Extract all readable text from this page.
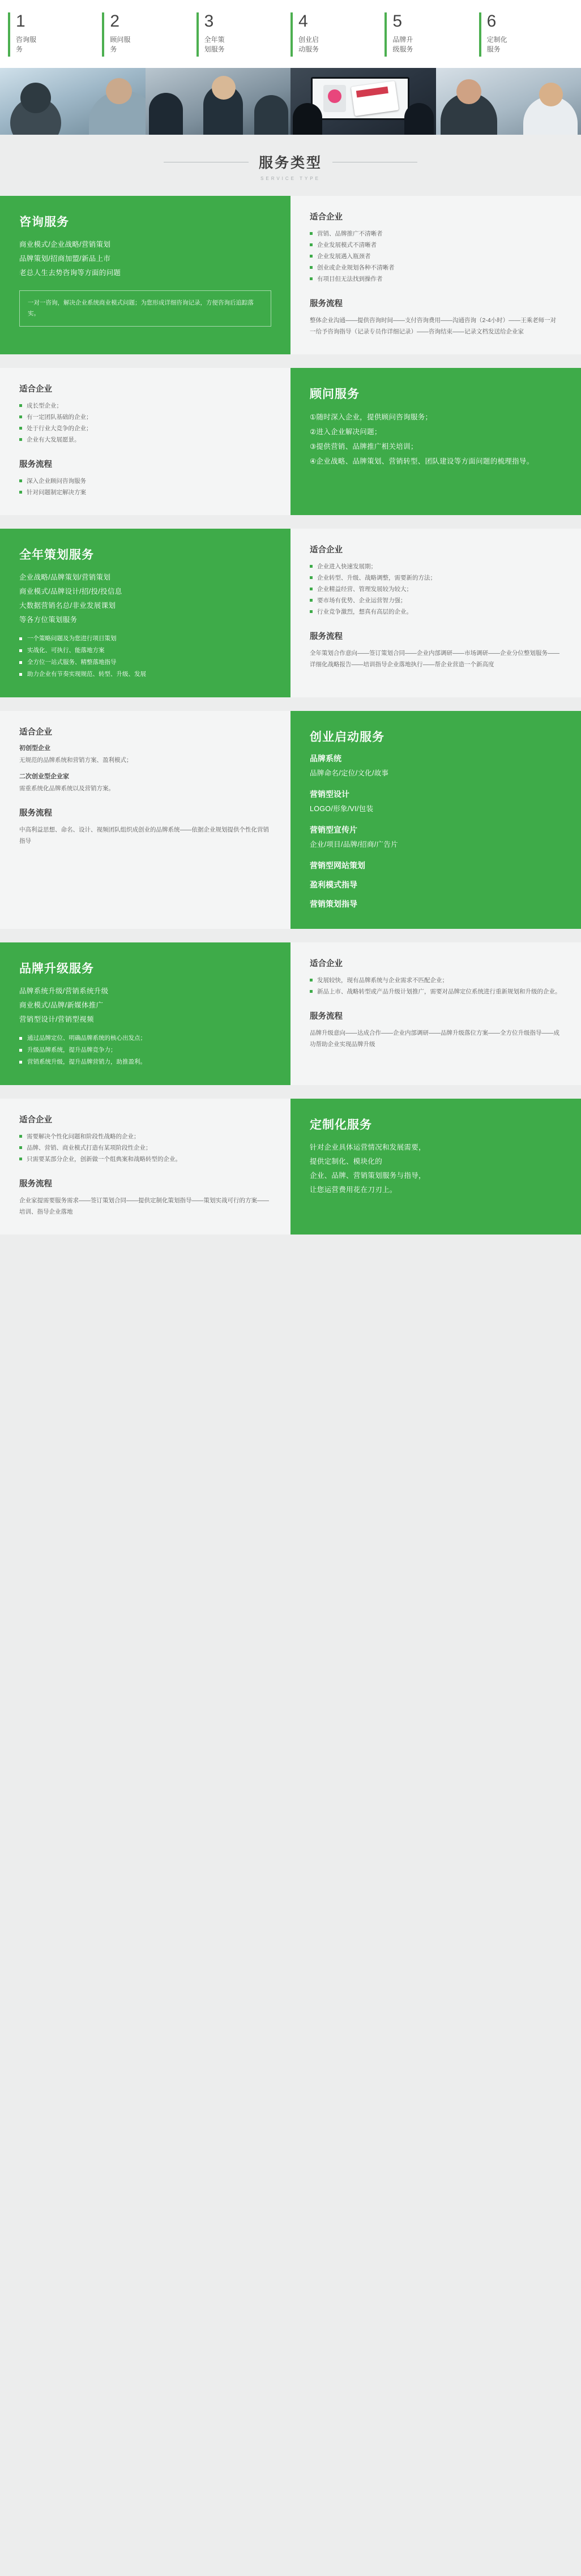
1
咨询服务
2
顾问服务
3
全年策划服务
4
创业启动服务
5
品牌升级服务
6
定制化服务
服务类型
SERVICE TYPE
咨询服务
商业模式/企业战略/营销策划
品牌策划/招商加盟/新品上市
老总人生去势咨询等方面的问题
一对一咨询，解决企业系统商业模式问题；为您形成详细咨询记录，方便咨询后追踪落实。
适合企业
营销、品牌推广不清晰者
企业发展模式不清晰者
企业发展遇入瓶颈者
创业或企业规划各种不清晰者
有项目但无法找到操作者
服务流程
整体企业沟通——提供咨询时间——支付咨询费用——沟通咨询（2-4小时）——王乘老师一对一给予咨询指导（记录专员作详细记录）——咨询结束——记录文档发送给企业家
适合企业
成长型企业；
有一定团队基础的企业；
处于行业大竞争的企业；
企业有大发展愿景。
服务流程
深入企业顾问咨询服务
针对问题制定解决方案
顾问服务
①随时深入企业，提供顾问咨询服务；
②进入企业解决问题；
③提供营销、品牌推广相关培训；
④企业战略、品牌策划、营销转型、团队建设等方面问题的梳理指导。
全年策划服务
企业战略/品牌策划/营销策划
商业模式/品牌设计/招/投/投信息
大数据营销名总/非业发展课划
等各方位策划服务
一个策略问题及为您进行项目策划
实战化、可执行、能落地方案
全方位一站式服务、精整落地指导
助力企业有节奏实现规范、转型、升级、发展
适合企业
企业进入快速发展期；
企业转型、升级、战略调整，需要新的方法；
企业精益经营、管理发展较为较大；
要市场有优势、企业运营智力强；
行业竞争激烈，想真有高层的企业。
服务流程
全年策划合作意向——签订策划合同——企业内部调研——市场调研——企业分位整划服务——详细化战略报告——培训指导企业落地执行——帮企业营造一个新高度
适合企业
初创型企业
无规范的品牌系统和营销方案、盈利模式；
二次创业型企业家
需重系统化品牌系统以及营销方案。
服务流程
中高利益思想、命名、设计、视频团队组织成创业的品牌系统——依据企业规划提供个性化营销指导
创业启动服务
品牌系统
品牌命名/定位/文化/故事
营销型设计
LOGO/形象/VI/包装
营销型宣传片
企业/项目/品牌/招商/广告片
营销型网站策划
盈利模式指导
营销策划指导
品牌升级服务
品牌系统升级/营销系统升级
商业模式/品牌/新媒体推广
营销型设计/营销型视频
通过品牌定位、明确品牌系统的核心出发点；
升级品牌系统，提升品牌竞争力；
营销系统升级，提升品牌营销力，助推盈利。
适合企业
发展较快，现有品牌系统与企业需求不匹配企业；
新品上市、战略转型或产品升级计划推广，需要对品牌定位系统进行重新规划和升级的企业。
服务流程
品牌升级意向——达成合作——企业内部调研——品牌升级落位方案——全方位升级指导——成功帮助企业实现品牌升级
适合企业
需要解决个性化问题和阶段性战略的企业；
品牌、营销、商业模式打造有某项阶段性企业；
只需要某部分企业，创新做一个组典案和战略转型的企业。
服务流程
企业家提需要服务需求——签订策划合同——提供定制化策划指导——策划实战可行的方案——培训、指导企业落地
定制化服务
针对企业具体运营情况和发展需要，
提供定制化、模块化的
企业、品牌、营销策划服务与指导，
让您运营费用花在刀刃上。
